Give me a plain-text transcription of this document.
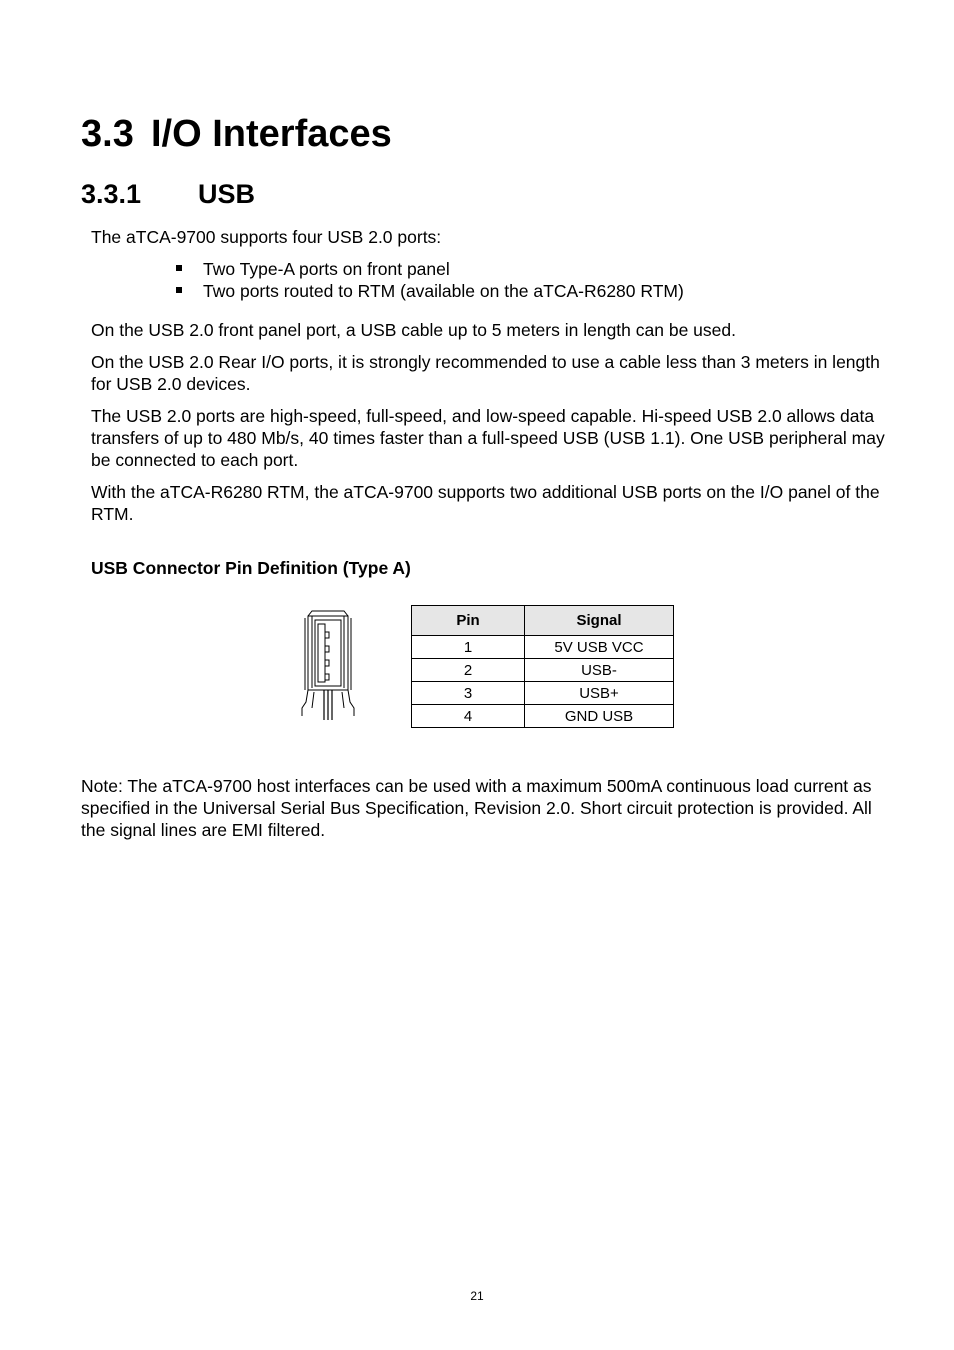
3.3 I/O Interfaces
3.3.1 USB

The aTCA-9700 supports four USB 2.0 ports:

Two Type-A ports on front panel
Two ports routed to RTM (available on the aTCA-R6280 RTM)

On the USB 2.0 front panel port, a USB cable up to 5 meters in length can be used.

On the USB 2.0 Rear I/O ports, it is strongly recommended to use a cable less than 3 meters in length for USB 2.0 devices.

The USB 2.0 ports are high-speed, full-speed, and low-speed capable. Hi-speed USB 2.0 allows data transfers of up to 480 Mb/s, 40 times faster than a full-speed USB (USB 1.1). One USB peripheral may be connected to each port.

With the aTCA-R6280 RTM, the aTCA-9700 supports two additional USB ports on the I/O panel of the RTM.

USB Connector Pin Definition (Type A)

Pin	Signal
1	5V USB VCC
2	USB-
3	USB+
4	GND USB

Note: The aTCA-9700 host interfaces can be used with a maximum 500mA continuous load current as specified in the Universal Serial Bus Specification, Revision 2.0. Short circuit protection is provided. All the signal lines are EMI filtered.

21
